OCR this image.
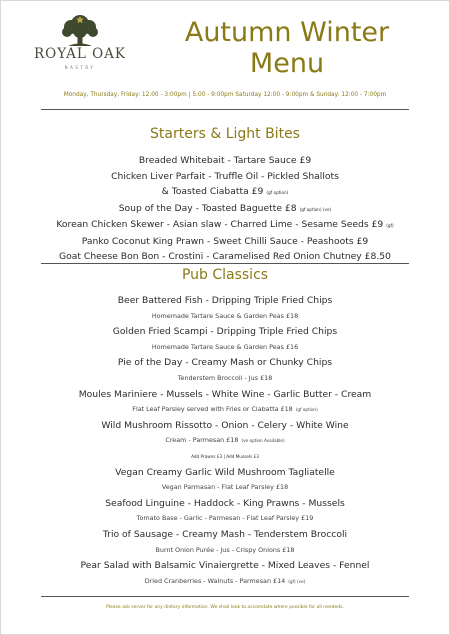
ROYAL OAK
NASTRY
Autumn Winter
Menu
Monday, Thursday, Friday: 12:00 - 3:00pm | 5:00 - 9:00pm Saturday 12:00 - 9:00pm & Sunday: 12:00 - 7:00pm
Starters & Light Bites
Breaded Whitebait - Tartare Sauce £9
Chicken Liver Parfait - Truffle Oil - Pickled Shallots
& Toasted Ciabatta £9 (gf option)
Soup of the Day - Toasted Baguette £8 (gf option) (ve)
Korean Chicken Skewer - Asian slaw - Charred Lime - Sesame Seeds £9 (gf)
Panko Coconut King Prawn - Sweet Chilli Sauce - Peashoots £9
Goat Cheese Bon Bon - Crostini - Caramelised Red Onion Chutney £8.50
Pub Classics
Beer Battered Fish - Dripping Triple Fried Chips
Homemade Tartare Sauce & Garden Peas £18
Golden Fried Scampi - Dripping Triple Fried Chips
Homemade Tartare Sauce & Garden Peas £16
Pie of the Day - Creamy Mash or Chunky Chips
Tenderstem Broccoli - Jus £18
Moules Mariniere - Mussels - White Wine - Garlic Butter - Cream
Flat Leaf Parsley served with Fries or Ciabatta £18 (gf option)
Wild Mushroom Rissotto - Onion - Celery - White Wine
Cream - Parmesan £18 (ve option Available)
Add Prawns £3 | Add Mussels £3
Vegan Creamy Garlic Wild Mushroom Tagliatelle
Vegan Parmasan - Flat Leaf Parsley £18
Seafood Linguine - Haddock - King Prawns - Mussels
Tomato Base - Garlic - Parmesan - Flat Leaf Parsley £19
Trio of Sausage - Creamy Mash - Tenderstem Broccoli
Burnt Onion Purée - Jus - Crispy Onions £18
Pear Salad with Balsamic Vinaiergrette - Mixed Leaves - Fennel
Dried Cranberries - Walnuts - Parmesan £14 (gf) (ve)
Please ask server for any dietary information. We shall look to accomdate where possible for all neededs.
